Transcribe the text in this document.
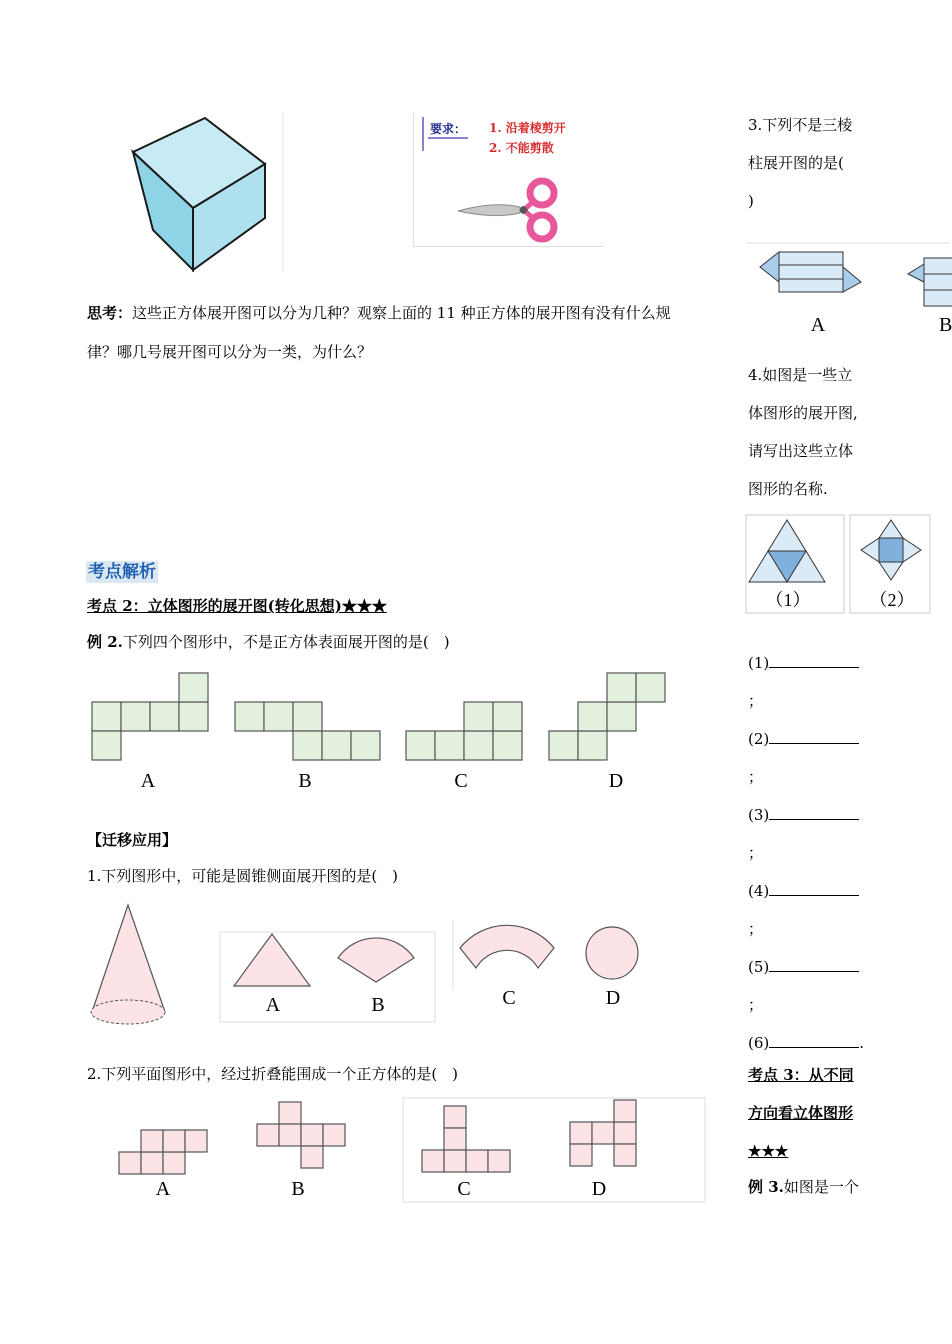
要求： 1. 沿着棱剪开
2. 不能剪散
思考：这些正方体展开图可以分为几种？观察上面的 11 种正方体的展开图有没有什么规
律？哪几号展开图可以分为一类，为什么？
考点解析
考点 2：立体图形的展开图(转化思想)★★★
例 2.下列四个图形中，不是正方体表面展开图的是(　)
A	B	C	D
【迁移应用】
1.下列图形中，可能是圆锥侧面展开图的是(　)
A	B	C	D
2.下列平面图形中，经过折叠能围成一个正方体的是(　)
A	B	C	D
3.下列不是三棱
柱展开图的是(
)
A	B
4.如图是一些立
体图形的展开图,
请写出这些立体
图形的名称.
（1）	（2）
(1)
；
(2)
；
(3)
；
(4)
；
(5)
；
(6)	.
考点 3：从不同
方向看立体图形
★★★
例 3.如图是一个
